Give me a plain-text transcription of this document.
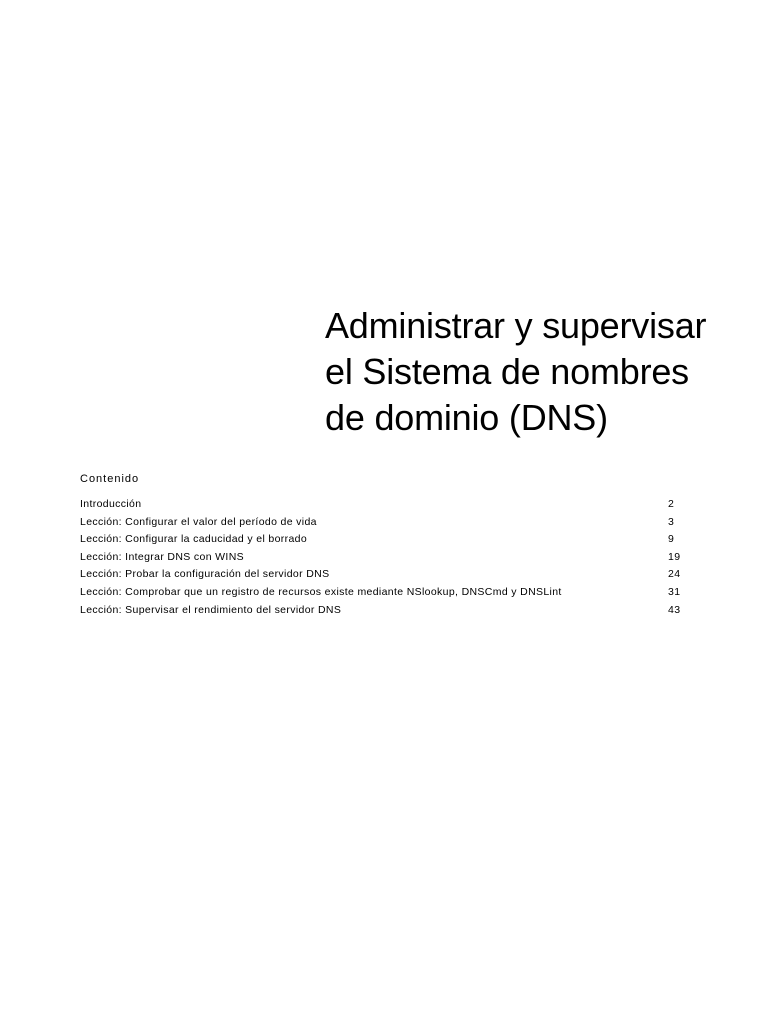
Administrar y supervisar
el Sistema de nombres
de dominio (DNS)
Contenido
Introducción	2
Lección: Configurar el valor del período de vida	3
Lección: Configurar la caducidad y el borrado	9
Lección: Integrar DNS con WINS	19
Lección: Probar la configuración del servidor DNS	24
Lección: Comprobar que un registro de recursos existe mediante NSlookup, DNSCmd y DNSLint	31
Lección: Supervisar el rendimiento del servidor DNS	43
